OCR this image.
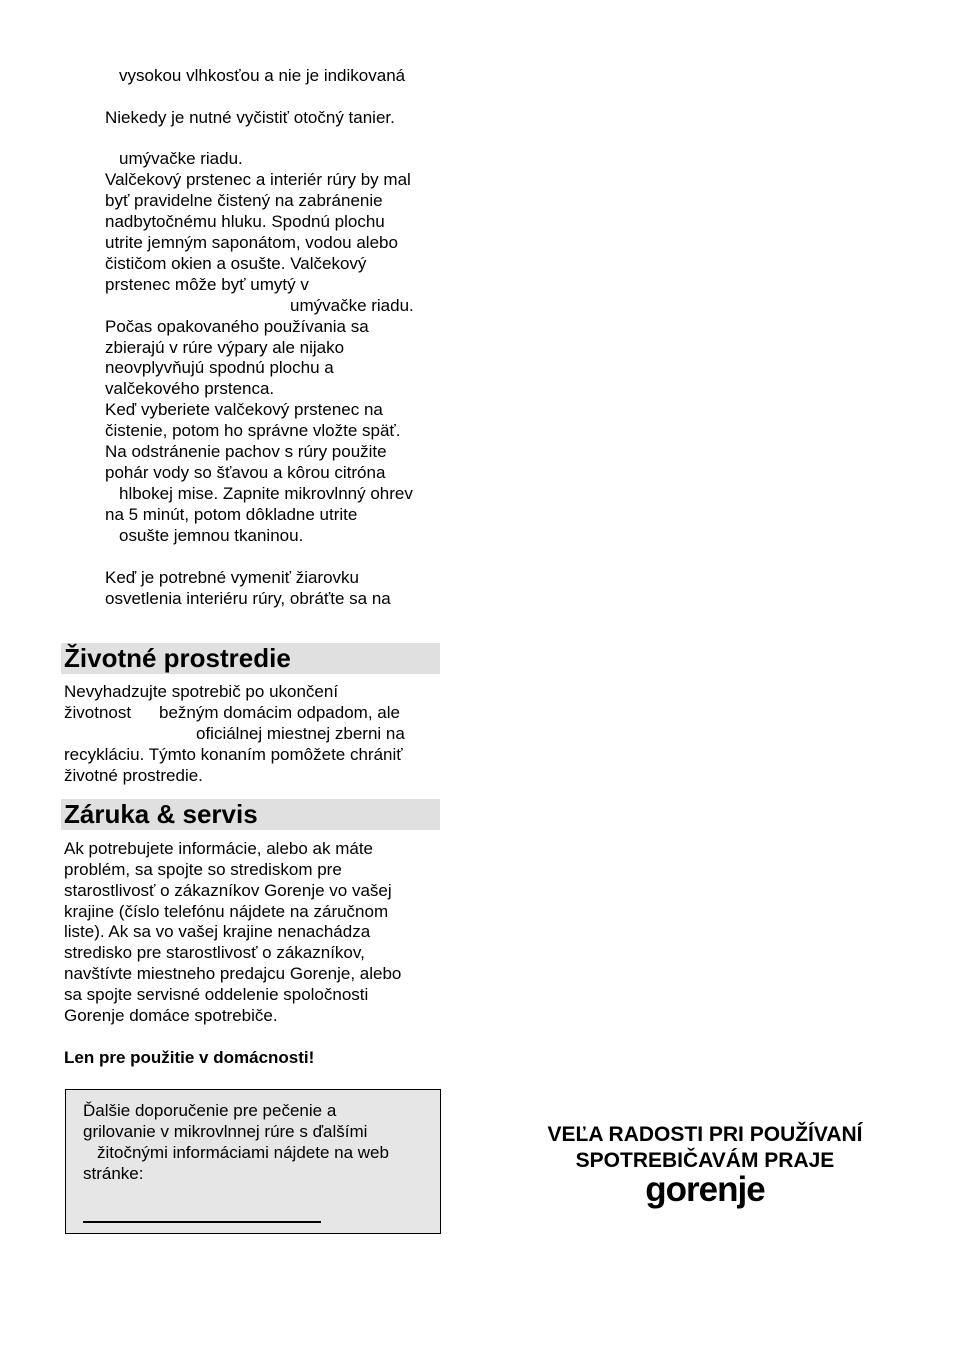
vysokou vlhkosťou a nie je indikovaná
Niekedy je nutné vyčistiť otočný tanier.
umývačke riadu.
Valčekový prstenec a interiér rúry by mal
byť pravidelne čistený na zabránenie
nadbytočnému hluku. Spodnú plochu
utrite jemným saponátom, vodou alebo
čističom okien a osušte. Valčekový
prstenec môže byť umytý v
umývačke riadu.
Počas opakovaného používania sa
zbierajú v rúre výpary ale nijako
neovplyvňujú spodnú plochu a
valčekového prstenca.
Keď vyberiete valčekový prstenec na
čistenie, potom ho správne vložte späť.
Na odstránenie pachov s rúry použite
pohár vody so šťavou a kôrou citróna
hlbokej mise. Zapnite mikrovlnný ohrev
na 5 minút, potom dôkladne utrite
osušte jemnou tkaninou.
Keď je potrebné vymeniť žiarovku
osvetlenia interiéru rúry, obráťte sa na
Životné prostredie
Nevyhadzujte spotrebič po ukončení
životnost bežným domácim odpadom, ale
oficiálnej miestnej zberni na
recykláciu. Týmto konaním pomôžete chrániť
životné prostredie.
Záruka & servis
Ak potrebujete informácie, alebo ak máte
problém, sa spojte so strediskom pre
starostlivosť o zákazníkov Gorenje vo vašej
krajine (číslo telefónu nájdete na záručnom
liste). Ak sa vo vašej krajine nenachádza
stredisko pre starostlivosť o zákazníkov,
navštívte miestneho predajcu Gorenje, alebo
sa spojte servisné oddelenie spoločnosti
Gorenje domáce spotrebiče.
Len pre použitie v domácnosti!
Ďalšie doporučenie pre pečenie a
grilovanie v mikrovlnnej rúre s ďalšími
žitočnými informáciami nájdete na web
stránke:
VEĽA RADOSTI PRI POUŽÍVANÍ
SPOTREBIČAVÁM PRAJE
gorenje
